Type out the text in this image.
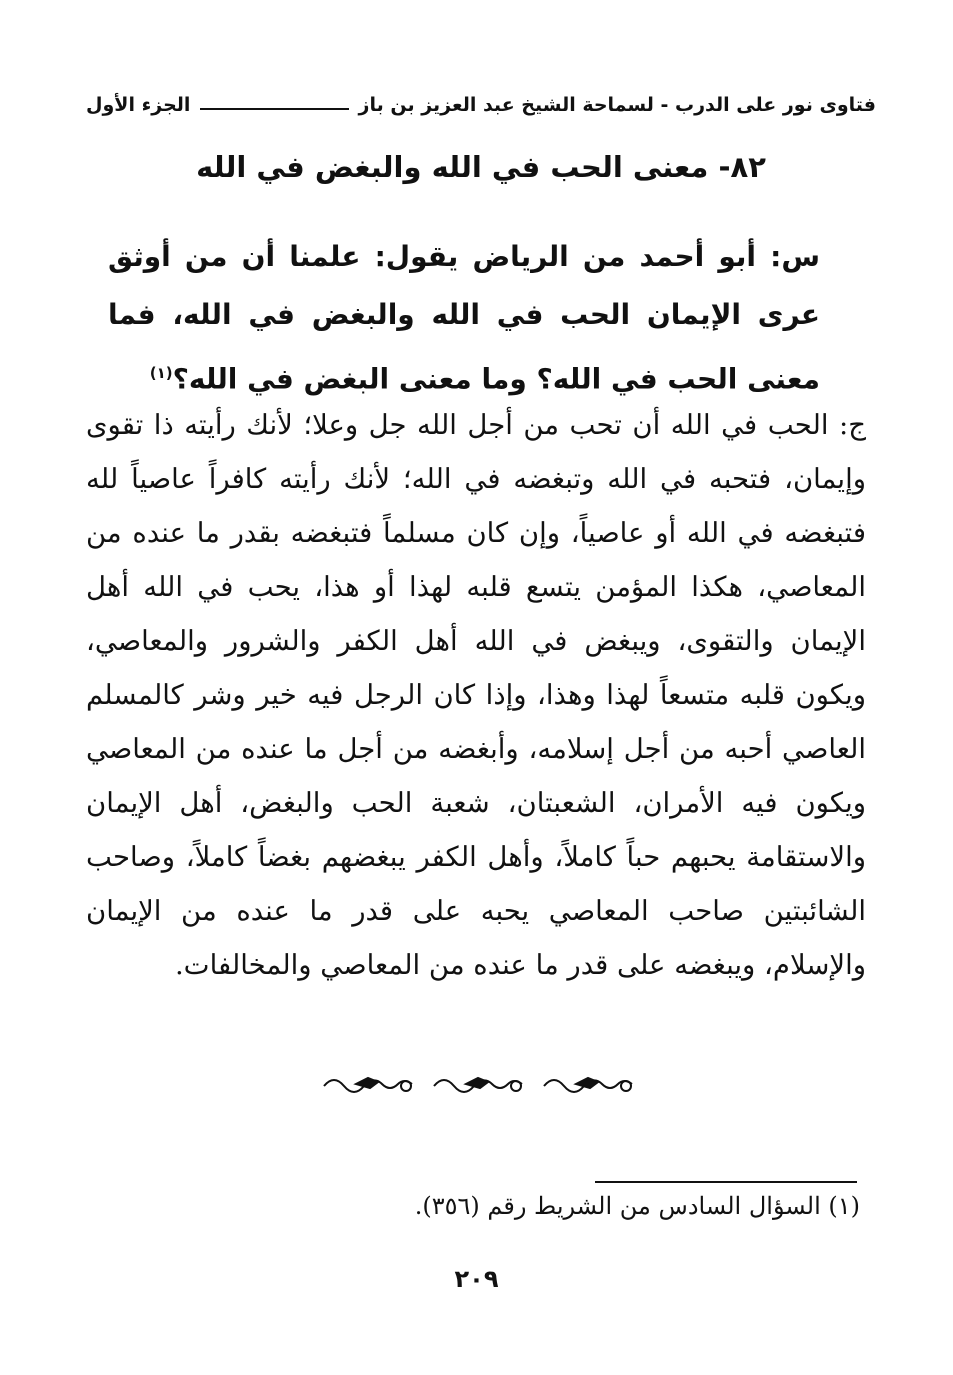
فتاوى نور على الدرب - لسماحة الشيخ عبد العزيز بن باز
الجزء الأول
٨٢- معنى الحب في الله والبغض في الله
س: أبو أحمد من الرياض يقول: علمنا أن من أوثق عرى الإيمان الحب في الله والبغض في الله، فما معنى الحب في الله؟ وما معنى البغض في الله؟$^{(١)}$
ج: الحب في الله أن تحب من أجل الله جل وعلا؛ لأنك رأيته ذا تقوى وإيمان، فتحبه في الله وتبغضه في الله؛ لأنك رأيته كافراً عاصياً لله فتبغضه في الله أو عاصياً، وإن كان مسلماً فتبغضه بقدر ما عنده من المعاصي، هكذا المؤمن يتسع قلبه لهذا أو هذا، يحب في الله أهل الإيمان والتقوى، ويبغض في الله أهل الكفر والشرور والمعاصي، ويكون قلبه متسعاً لهذا وهذا، وإذا كان الرجل فيه خير وشر كالمسلم العاصي أحبه من أجل إسلامه، وأبغضه من أجل ما عنده من المعاصي ويكون فيه الأمران، الشعبتان، شعبة الحب والبغض، أهل الإيمان والاستقامة يحبهم حباً كاملاً، وأهل الكفر يبغضهم بغضاً كاملاً، وصاحب الشائبتين صاحب المعاصي يحبه على قدر ما عنده من الإيمان والإسلام، ويبغضه على قدر ما عنده من المعاصي والمخالفات.
(١) السؤال السادس من الشريط رقم (٣٥٦).
٢٠٩
